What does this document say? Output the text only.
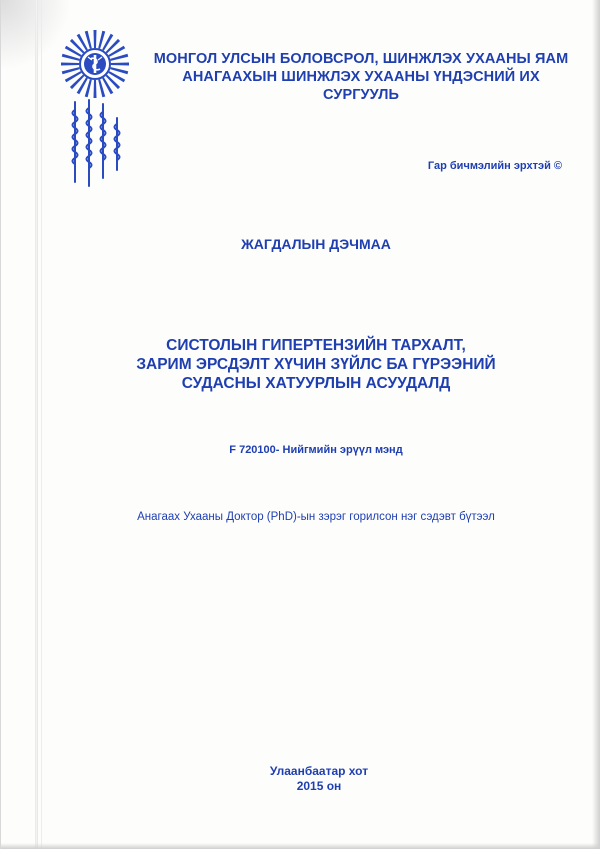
МОНГОЛ УЛСЫН БОЛОВСРОЛ, ШИНЖЛЭХ УХААНЫ ЯАМ
АНАГААХЫН ШИНЖЛЭХ УХААНЫ ҮНДЭСНИЙ ИХ СУРГУУЛЬ
Гар бичмэлийн эрхтэй ©
ЖАГДАЛЫН ДЭЧМАА
СИСТОЛЫН ГИПЕРТЕНЗИЙН ТАРХАЛТ,
ЗАРИМ ЭРСДЭЛТ ХҮЧИН ЗҮЙЛС БА ГҮРЭЭНИЙ
СУДАСНЫ ХАТУУРЛЫН АСУУДАЛД
F 720100- Нийгмийн эрүүл мэнд
Анагаах Ухааны Доктор (PhD)-ын зэрэг горилсон нэг сэдэвт бүтээл
Улаанбаатар хот
2015 он
